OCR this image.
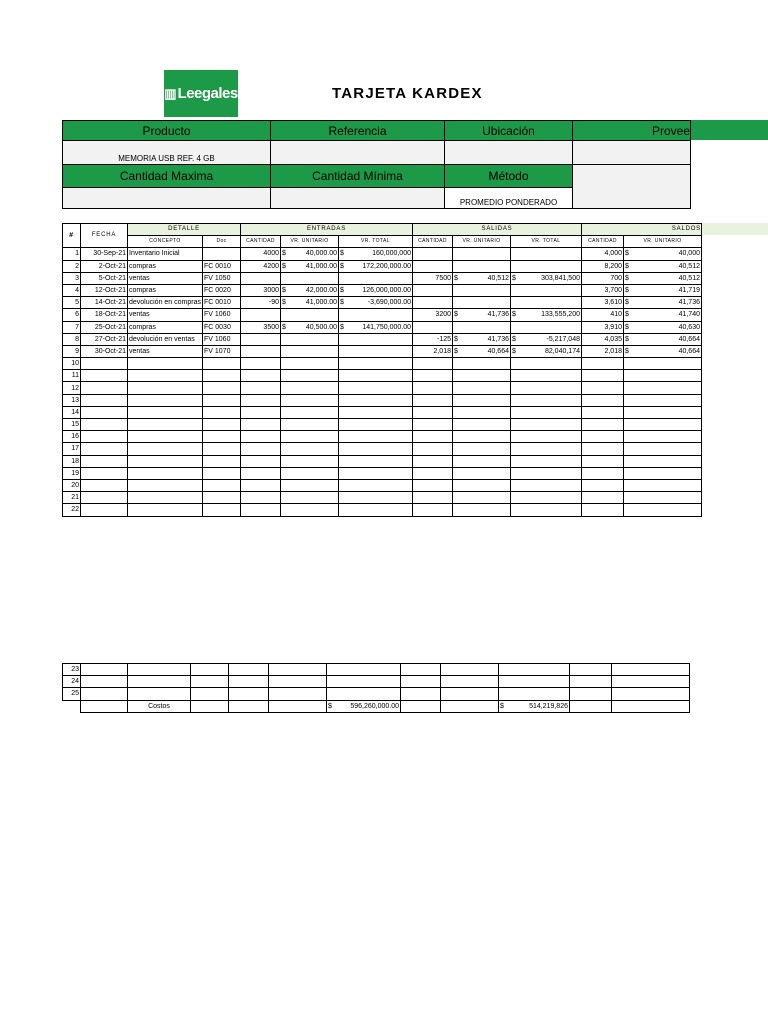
▥ Leegales	TARJETA KARDEX
Producto	Referencia	Ubicación	Provee
MEMORIA USB REF. 4 GB			
Cantidad Maxima	Cantidad Mínima	Método	
		PROMEDIO PONDERADO	
#	FECHA	DETALLE		ENTRADAS			SALIDAS			SALDOS	
		CONCEPTO	Doc	CANTIDAD	VR. UNITARIO	VR. TOTAL	CANTIDAD	VR. UNITARIO	VR. TOTAL	CANTIDAD	VR. UNITARIO
1	30-Sep-21	Inventario Inicial		4000	$ 40,000.00	$ 160,000,000				4,000	$ 40,000
2	2-Oct-21	compras	FC 0010	4200	$ 41,000.00	$ 172,200,000.00				8,200	$ 40,512
3	5-Oct-21	ventas	FV 1050				7500	$ 40,512	$ 303,841,500	700	$ 40,512
4	12-Oct-21	compras	FC 0020	3000	$ 42,000.00	$ 126,000,000.00				3,700	$ 41,719
5	14-Oct-21	devolución en compras	FC 0010	-90	$ 41,000.00	$ -3,690,000.00				3,610	$ 41,736
6	18-Oct-21	ventas	FV 1060				3200	$ 41,736	$ 133,555,200	410	$ 41,740
7	25-Oct-21	compras	FC 0030	3500	$ 40,500.00	$ 141,750,000.00				3,910	$ 40,630
8	27-Oct-21	devolución en ventas	FV 1060				-125	$ 41,736	$ -5,217,048	4,035	$ 40,664
9	30-Oct-21	ventas	FV 1070				2,018	$ 40,664	$ 82,040,174	2,018	$ 40,664
10											
11											
12											
13											
14											
15											
16											
17											
18											
19											
20											
21											
22											
23											
24											
25											
		Costos				$ 596,260,000.00			$ 514,219,826		
